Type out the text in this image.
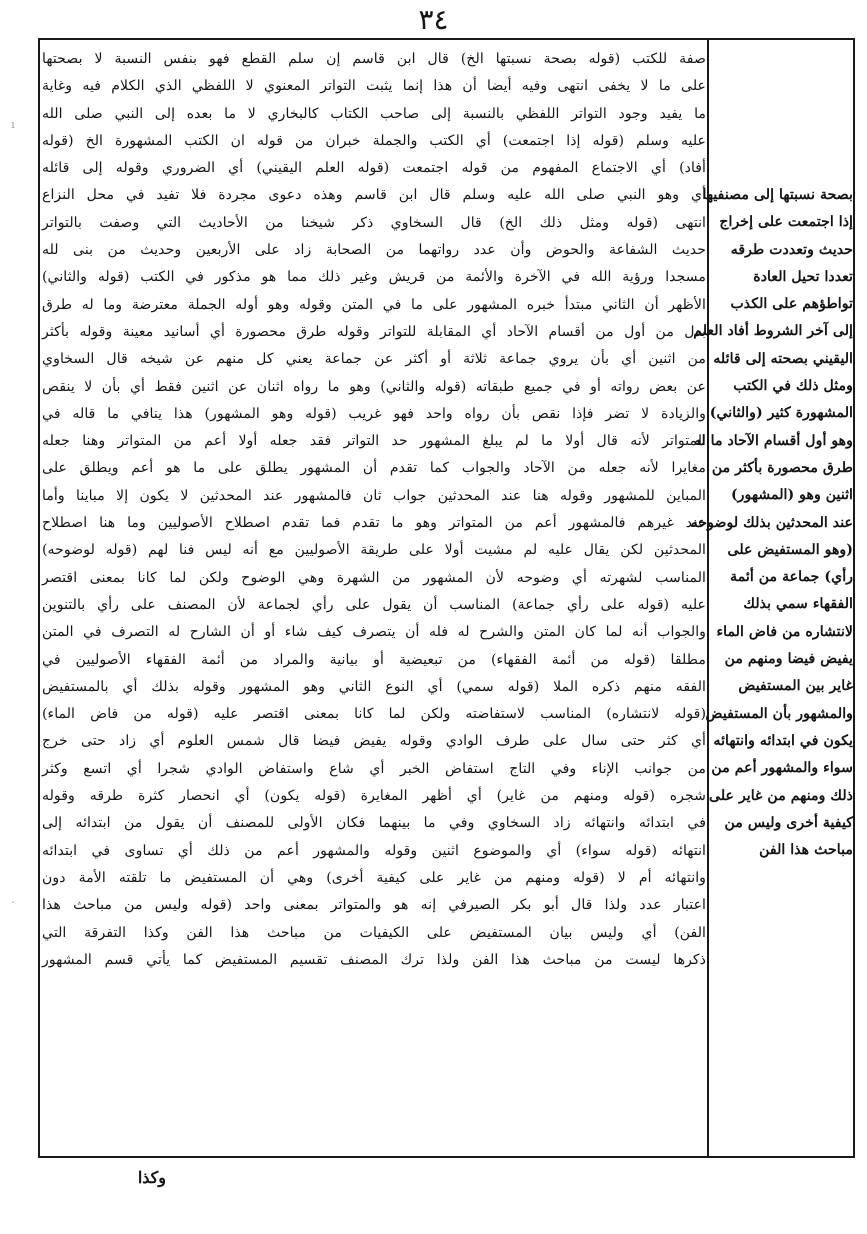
٣٤
صفة للكتب (قوله بصحة نسبتها الخ) قال ابن قاسم إن سلم القطع فهو بنفس النسبة لا بصحتها
على ما لا يخفى انتهى وفيه أيضا أن هذا إنما يثبت التواتر المعنوي لا اللفظي الذي الكلام فيه وغاية
ما يفيد وجود التواتر اللفظي بالنسبة إلى صاحب الكتاب كالبخاري لا ما بعده إلى النبي صلى الله
عليه وسلم (قوله إذا اجتمعت) أي الكتب والجملة خبران من قوله ان الكتب المشهورة الخ (قوله
أفاد) أي الاجتماع المفهوم من قوله اجتمعت (قوله العلم اليقيني) أي الضروري وقوله إلى قائله
أي وهو النبي صلى الله عليه وسلم قال ابن قاسم وهذه دعوى مجردة فلا تفيد في محل النزاع
انتهى (قوله ومثل ذلك الخ) قال السخاوي ذكر شيخنا من الأحاديث التي وصفت بالتواتر
حديث الشفاعة والحوض وأن عدد رواتهما من الصحابة زاد على الأربعين وحديث من بنى لله
مسجدا ورؤية الله في الآخرة والأئمة من قريش وغير ذلك مما هو مذكور في الكتب (قوله والثاني)
الأظهر أن الثاني مبتدأ خبره المشهور على ما في المتن وقوله وهو أوله الجملة معترضة وما له طرق
بدل من أول من أقسام الآحاد أي المقابلة للتواتر وقوله طرق محصورة أي أسانيد معينة وقوله بأكثر
من اثنين أي بأن يروي جماعة ثلاثة أو أكثر عن جماعة يعني كل منهم عن شيخه قال السخاوي
عن بعض رواته أو في جميع طبقاته (قوله والثاني) وهو ما رواه اثنان عن اثنين فقط أي بأن لا ينقص
والزيادة لا تضر فإذا نقص بأن رواه واحد فهو غريب (قوله وهو المشهور) هذا ينافي ما قاله في
المتواتر لأنه قال أولا ما لم يبلغ المشهور حد التواتر فقد جعله أولا أعم من المتواتر وهنا جعله
مغايرا لأنه جعله من الآحاد والجواب كما تقدم أن المشهور يطلق على ما هو أعم ويطلق على
المباين للمشهور وقوله هنا عند المحدثين جواب ثان فالمشهور عند المحدثين لا يكون إلا مباينا وأما
عند غيرهم فالمشهور أعم من المتواتر وهو ما تقدم فما تقدم اصطلاح الأصوليين وما هنا اصطلاح
المحدثين لكن يقال عليه لم مشيت أولا على طريقة الأصوليين مع أنه ليس فنا لهم (قوله لوضوحه)
المناسب لشهرته أي وضوحه لأن المشهور من الشهرة وهي الوضوح ولكن لما كانا بمعنى اقتصر
عليه (قوله على رأي جماعة) المناسب أن يقول على رأي لجماعة لأن المصنف على رأي بالتنوين
والجواب أنه لما كان المتن والشرح له فله أن يتصرف كيف شاء أو أن الشارح له التصرف في المتن
مطلقا (قوله من أئمة الفقهاء) من تبعيضية أو بيانية والمراد من أئمة الفقهاء الأصوليين في
الفقه منهم ذكره الملا (قوله سمي) أي النوع الثاني وهو المشهور وقوله بذلك أي بالمستفيض
(قوله لانتشاره) المناسب لاستفاضته ولكن لما كانا بمعنى اقتصر عليه (قوله من فاض الماء)
أي كثر حتى سال على طرف الوادي وقوله يفيض فيضا قال شمس العلوم أي زاد حتى خرج
من جوانب الإناء وفي التاج استفاض الخبر أي شاع واستفاض الوادي شجرا أي اتسع وكثر
شجره (قوله ومنهم من غاير) أي أظهر المغايرة (قوله يكون) أي انحصار كثرة طرقه وقوله
في ابتدائه وانتهائه زاد السخاوي وفي ما بينهما فكان الأولى للمصنف أن يقول من ابتدائه إلى
انتهائه (قوله سواء) أي والموضوع اثنين وقوله والمشهور أعم من ذلك أي تساوى في ابتدائه
وانتهائه أم لا (قوله ومنهم من غاير على كيفية أخرى) وهي أن المستفيض ما تلقته الأمة دون
اعتبار عدد ولذا قال أبو بكر الصيرفي إنه هو والمتواتر بمعنى واحد (قوله وليس من مباحث هذا
الفن) أي وليس بيان المستفيض على الكيفيات من مباحث هذا الفن وكذا التفرقة التي
ذكرها ليست من مباحث هذا الفن ولذا ترك المصنف تقسيم المستفيض كما يأتي قسم المشهور
بصحة نسبتها إلى مصنفيها
إذا اجتمعت على إخراج
حديث وتعددت طرقه
تعددا تحيل العادة
تواطؤهم على الكذب
إلى آخر الشروط أفاد العلم
اليقيني بصحته إلى قائله
ومثل ذلك في الكتب
المشهورة كثير (والثاني)
وهو أول أقسام الآحاد ما له
طرق محصورة بأكثر من
اثنين وهو (المشهور)
عند المحدثين بذلك لوضوحه
(وهو المستفيض على
رأي) جماعة من أئمة
الفقهاء سمي بذلك
لانتشاره من فاض الماء
يفيض فيضا ومنهم من
غاير بين المستفيض
والمشهور بأن المستفيض
يكون في ابتدائه وانتهائه
سواء والمشهور أعم من
ذلك ومنهم من غاير على
كيفية أخرى وليس من
مباحث هذا الفن
وكذا
ı
·
